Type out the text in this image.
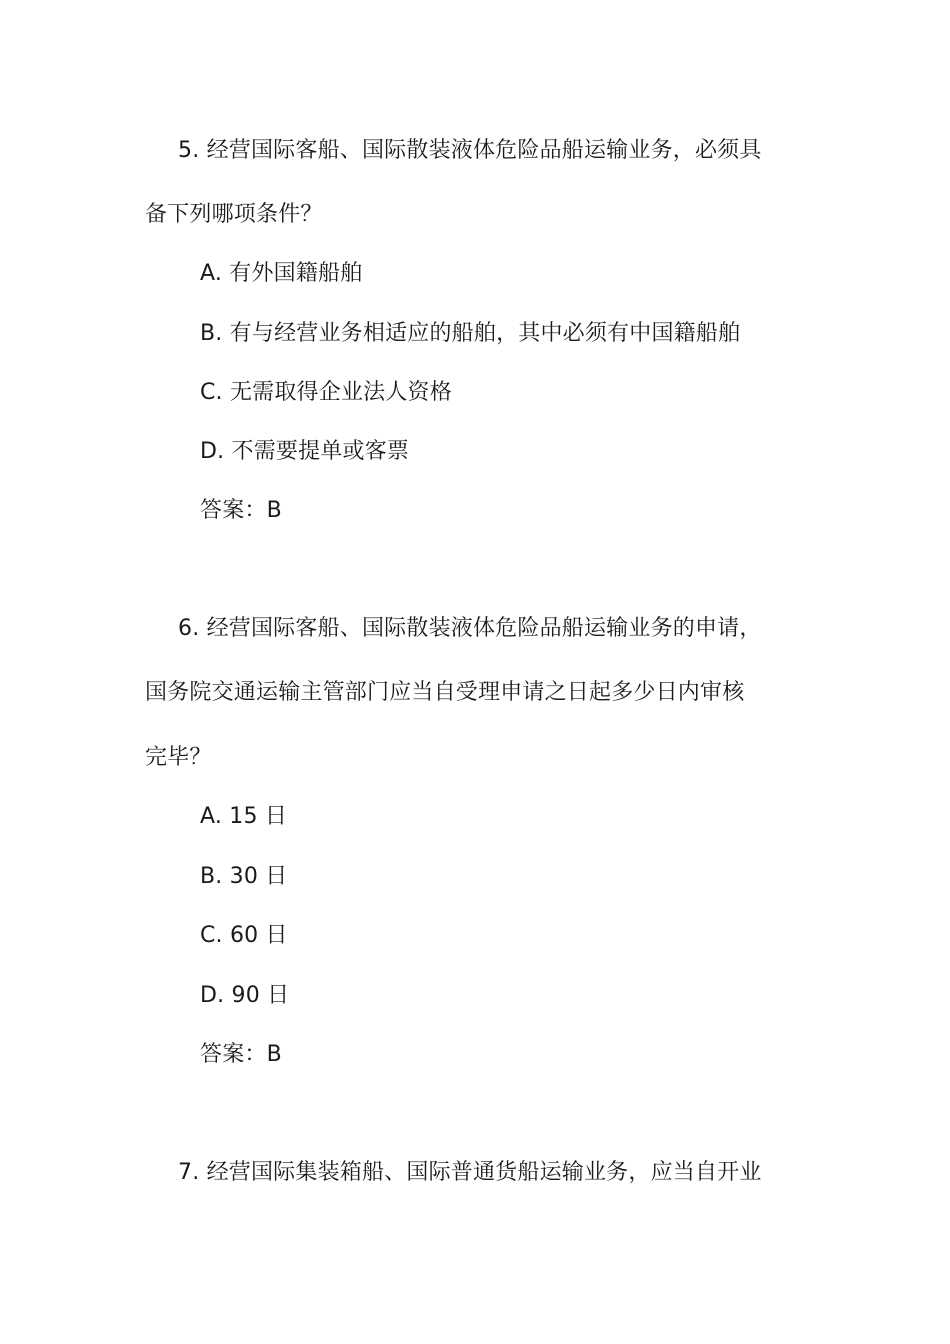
5. 经营国际客船、国际散装液体危险品船运输业务，必须具
备下列哪项条件？
A. 有外国籍船舶
B. 有与经营业务相适应的船舶，其中必须有中国籍船舶
C. 无需取得企业法人资格
D. 不需要提单或客票
答案：B
6. 经营国际客船、国际散装液体危险品船运输业务的申请，
国务院交通运输主管部门应当自受理申请之日起多少日内审核
完毕？
A. 15 日
B. 30 日
C. 60 日
D. 90 日
答案：B
7. 经营国际集装箱船、国际普通货船运输业务，应当自开业
